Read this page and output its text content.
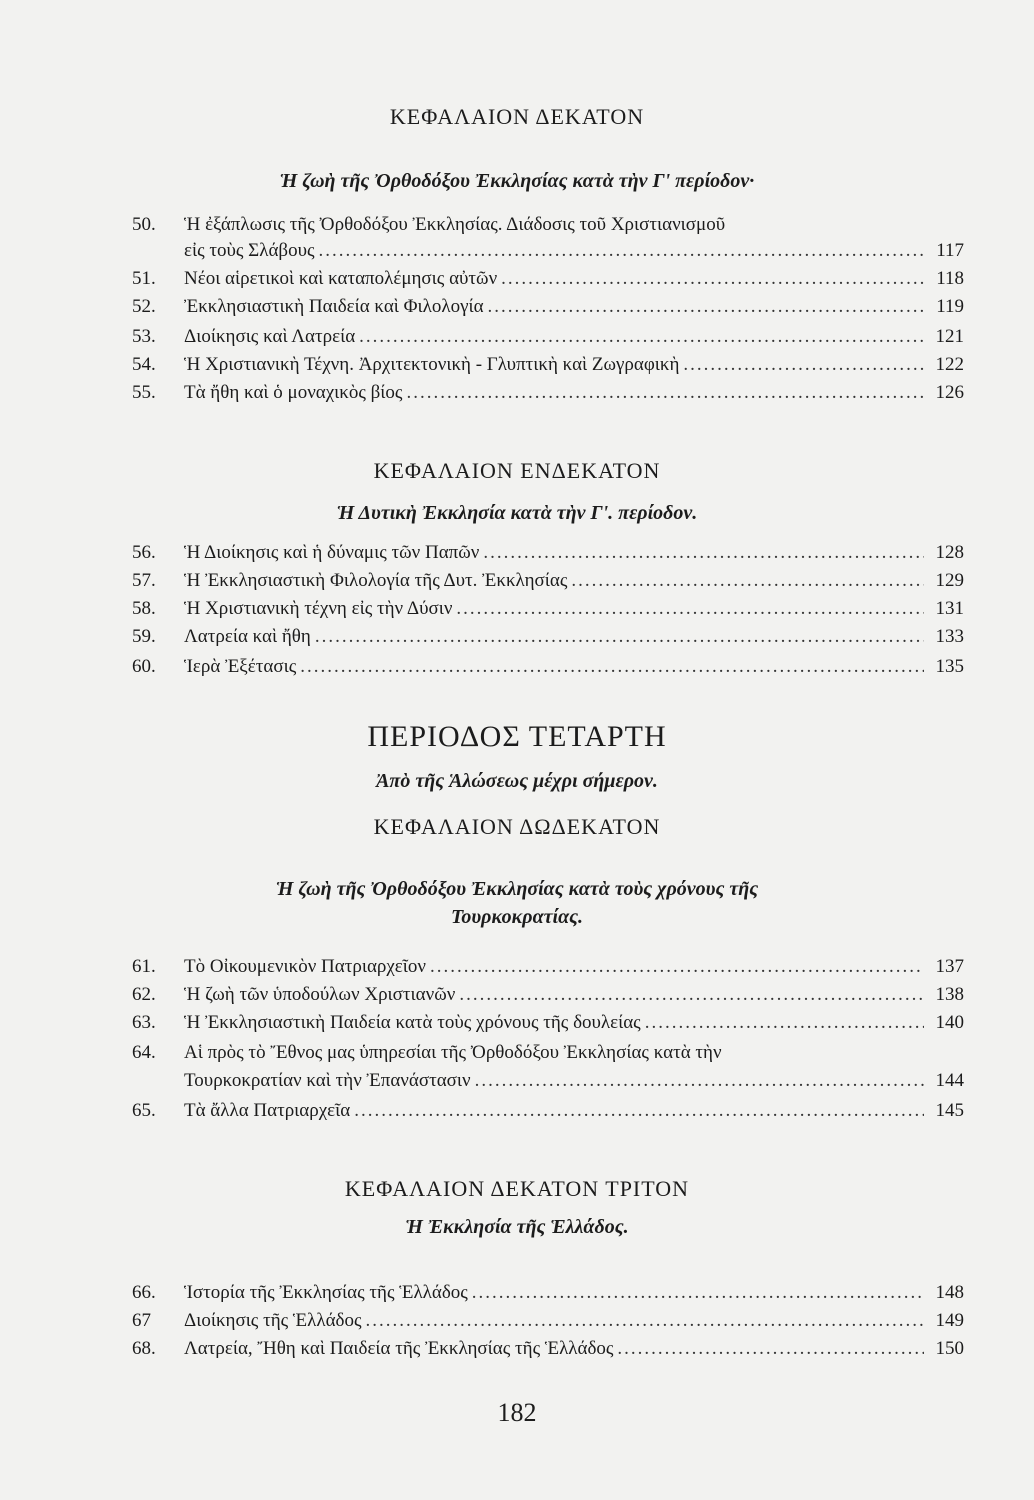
ΚΕΦΑΛΑΙΟΝ ΔΕΚΑΤΟΝ
Ἡ ζωὴ τῆς Ὀρθοδόξου Ἐκκλησίας κατὰ τὴν Γ' περίοδον·
50.	Ἡ ἐξάπλωσις τῆς Ὀρθοδόξου Ἐκκλησίας. Διάδοσις τοῦ Χριστιανισμοῦ
εἰς τοὺς Σλάβους .....	117
51.	Νέοι αἱρετικοὶ καὶ καταπολέμησις αὐτῶν .....	118
52.	Ἐκκλησιαστικὴ Παιδεία καὶ Φιλολογία .....	119
53.	Διοίκησις καὶ Λατρεία .....	121
54.	Ἡ Χριστιανικὴ Τέχνη. Ἀρχιτεκτονικὴ - Γλυπτικὴ καὶ Ζωγραφικὴ .....	122
55.	Τὰ ἤθη καὶ ὁ μοναχικὸς βίος .....	126
ΚΕΦΑΛΑΙΟΝ ΕΝΔΕΚΑΤΟΝ
Ἡ Δυτικὴ Ἐκκλησία κατὰ τὴν Γ'. περίοδον.
56.	Ἡ Διοίκησις καὶ ἡ δύναμις τῶν Παπῶν .....	128
57.	Ἡ Ἐκκλησιαστικὴ Φιλολογία τῆς Δυτ. Ἐκκλησίας .....	129
58.	Ἡ Χριστιανικὴ τέχνη εἰς τὴν Δύσιν .....	131
59.	Λατρεία καὶ ἤθη .....	133
60.	Ἱερὰ Ἐξέτασις .....	135
ΠΕΡΙΟΔΟΣ ΤΕΤΑΡΤΗ
Ἀπὸ τῆς Ἁλώσεως μέχρι σήμερον.
ΚΕΦΑΛΑΙΟΝ ΔΩΔΕΚΑΤΟΝ
Ἡ ζωὴ τῆς Ὀρθοδόξου Ἐκκλησίας κατὰ τοὺς χρόνους τῆς
Τουρκοκρατίας.
61.	Τὸ Οἰκουμενικὸν Πατριαρχεῖον .....	137
62.	Ἡ ζωὴ τῶν ὑποδούλων Χριστιανῶν .....	138
63.	Ἡ Ἐκκλησιαστικὴ Παιδεία κατὰ τοὺς χρόνους τῆς δουλείας .....	140
64.	Αἱ πρὸς τὸ Ἔθνος μας ὑπηρεσίαι τῆς Ὀρθοδόξου Ἐκκλησίας κατὰ τὴν
Τουρκοκρατίαν καὶ τὴν Ἐπανάστασιν .....	144
65.	Τὰ ἄλλα Πατριαρχεῖα .....	145
ΚΕΦΑΛΑΙΟΝ ΔΕΚΑΤΟΝ ΤΡΙΤΟΝ
Ἡ Ἐκκλησία τῆς Ἑλλάδος.
66.	Ἱστορία τῆς Ἐκκλησίας τῆς Ἑλλάδος .....	148
67	Διοίκησις τῆς Ἑλλάδος .....	149
68.	Λατρεία, Ἤθη καὶ Παιδεία τῆς Ἐκκλησίας τῆς Ἑλλάδος .....	150
182
